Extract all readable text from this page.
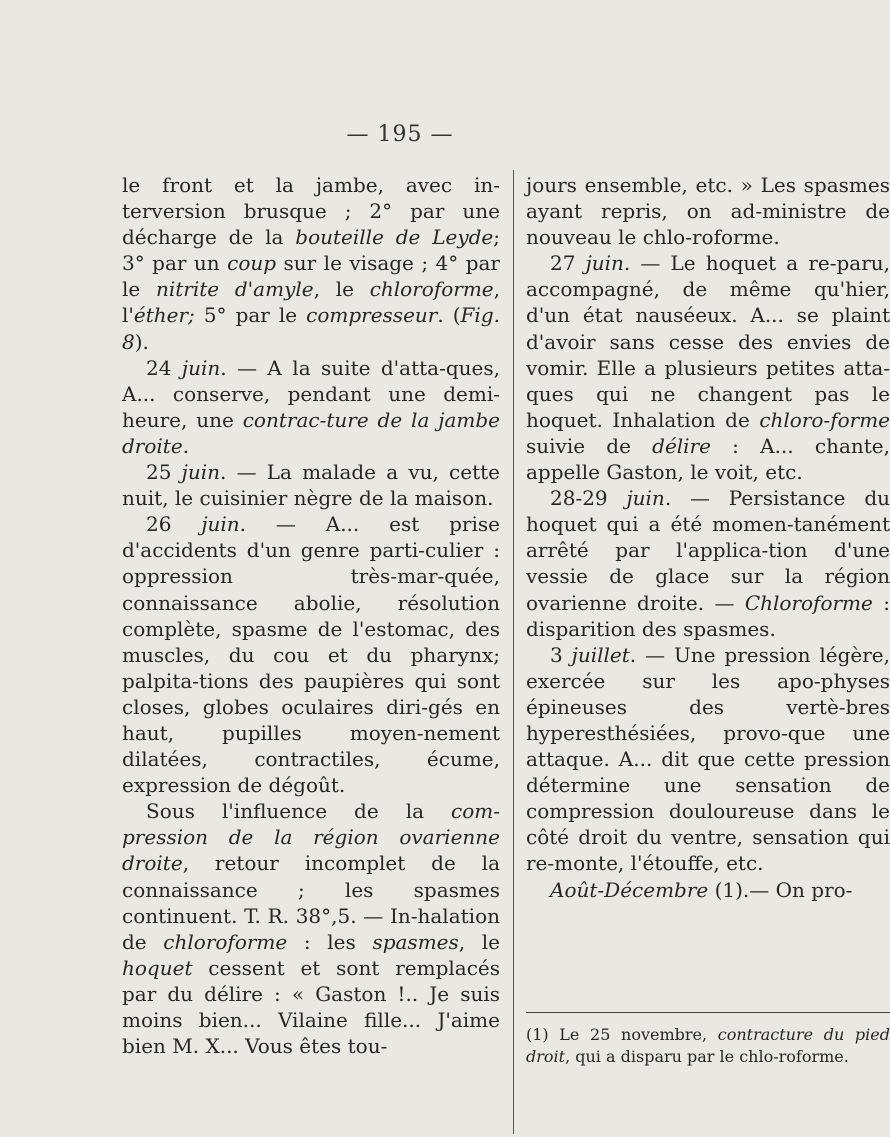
— 195 —

le front et la jambe, avec in-terversion brusque ; 2° par une décharge de la bouteille de Leyde; 3° par un coup sur le visage ; 4° par le nitrite d'amyle, le chloroforme, l'éther; 5° par le compresseur. (Fig. 8).

24 juin. — A la suite d'atta-ques, A... conserve, pendant une demi-heure, une contrac-ture de la jambe droite.

25 juin. — La malade a vu, cette nuit, le cuisinier nègre de la maison.

26 juin. — A... est prise d'accidents d'un genre parti-culier : oppression très-mar-quée, connaissance abolie, résolution complète, spasme de l'estomac, des muscles, du cou et du pharynx; palpita-tions des paupières qui sont closes, globes oculaires diri-gés en haut, pupilles moyen-nement dilatées, contractiles, écume, expression de dégoût.

Sous l'influence de la com-pression de la région ovarienne droite, retour incomplet de la connaissance ; les spasmes continuent. T. R. 38°,5. — In-halation de chloroforme : les spasmes, le hoquet cessent et sont remplacés par du délire : « Gaston !.. Je suis moins bien... Vilaine fille... J'aime bien M. X... Vous êtes tou-

jours ensemble, etc. » Les spasmes ayant repris, on ad-ministre de nouveau le chlo-roforme.

27 juin. — Le hoquet a re-paru, accompagné, de même qu'hier, d'un état nauséeux. A... se plaint d'avoir sans cesse des envies de vomir. Elle a plusieurs petites atta-ques qui ne changent pas le hoquet. Inhalation de chloro-forme suivie de délire : A... chante, appelle Gaston, le voit, etc.

28-29 juin. — Persistance du hoquet qui a été momen-tanément arrêté par l'applica-tion d'une vessie de glace sur la région ovarienne droite. — Chloroforme : disparition des spasmes.

3 juillet. — Une pression légère, exercée sur les apo-physes épineuses des vertè-bres hyperesthésiées, provo-que une attaque. A... dit que cette pression détermine une sensation de compression douloureuse dans le côté droit du ventre, sensation qui re-monte, l'étouffe, etc.

Août-Décembre (1).— On pro-

(1) Le 25 novembre, contracture du pied droit, qui a disparu par le chlo-roforme.
